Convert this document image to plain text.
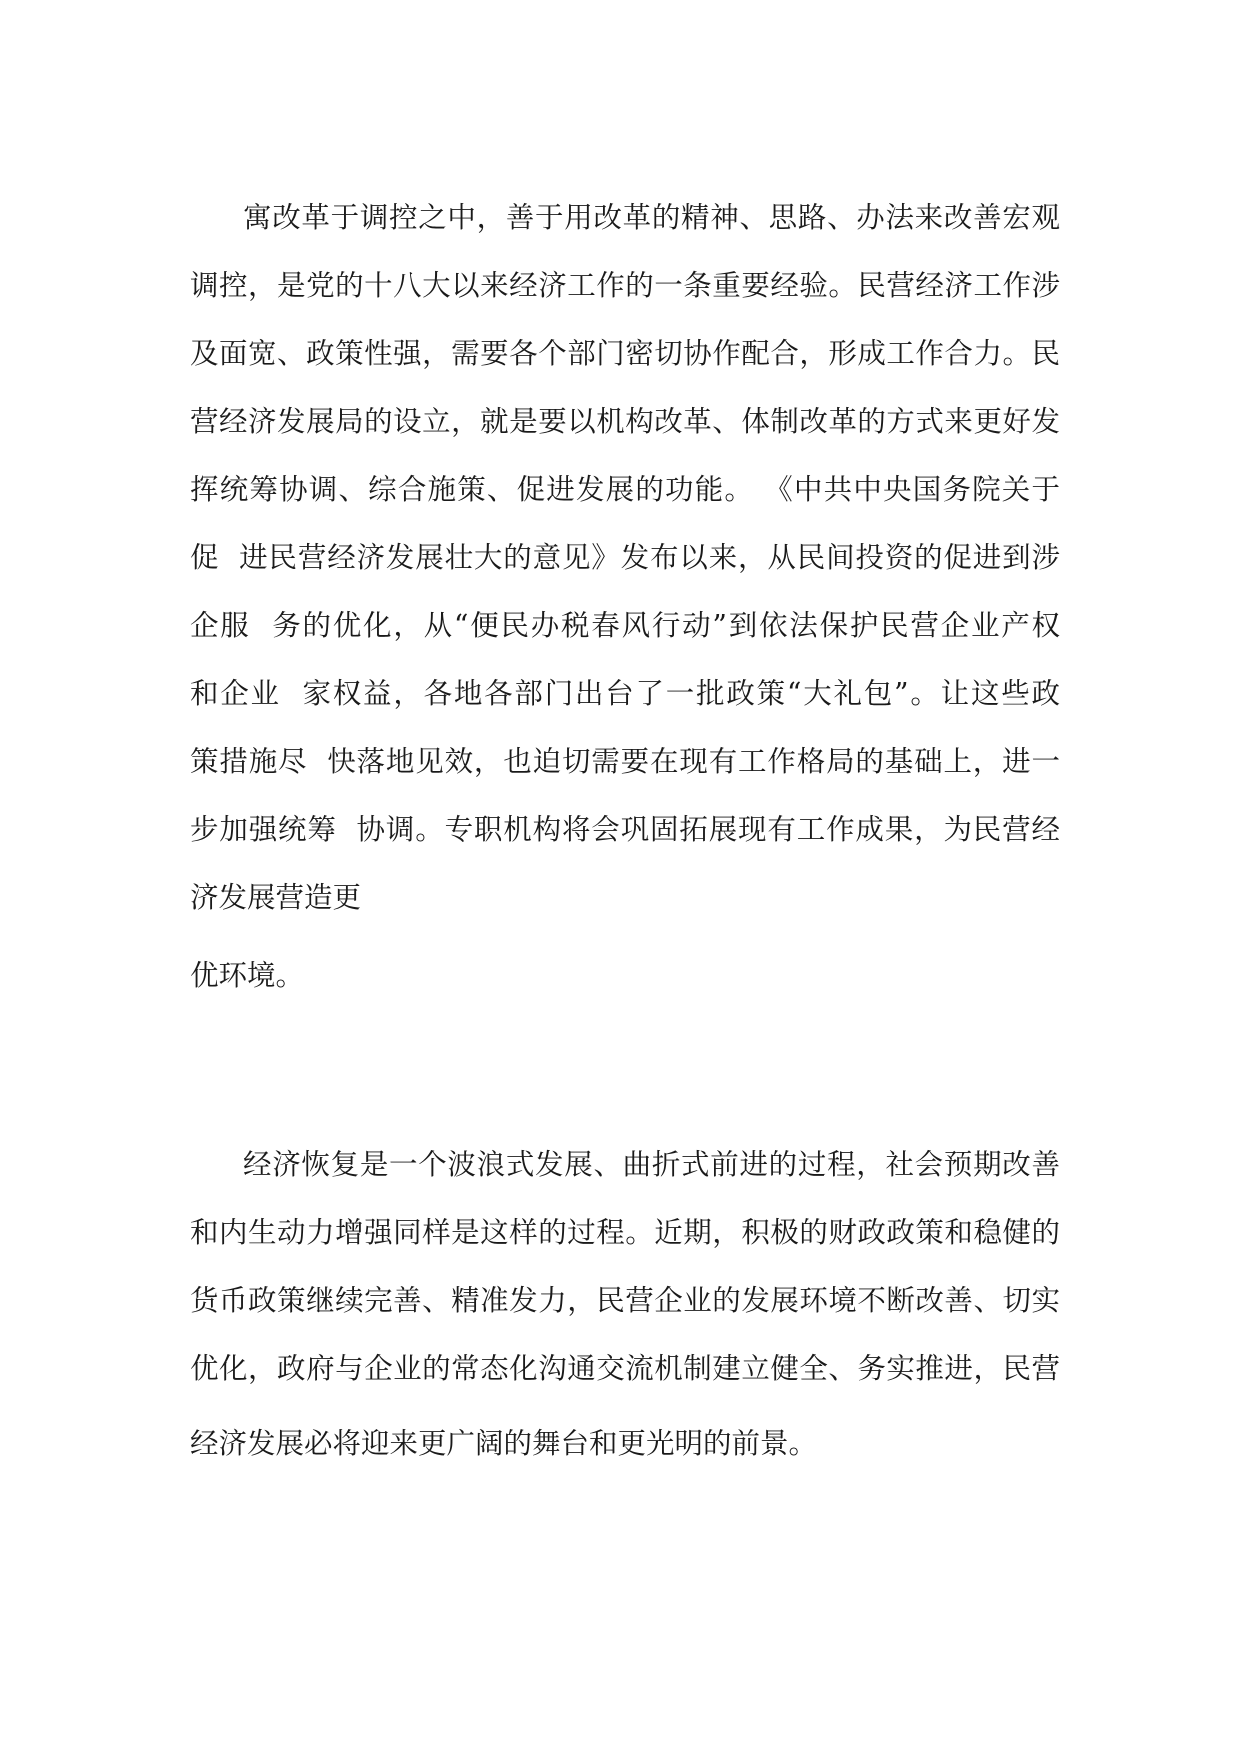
寓改革于调控之中，善于用改革的精神、思路、办法来改善宏观
调控，是党的十八大以来经济工作的一条重要经验。民营经济工作涉
及面宽、政策性强，需要各个部门密切协作配合，形成工作合力。民
营经济发展局的设立，就是要以机构改革、体制改革的方式来更好发
挥统筹协调、综合施策、促进发展的功能。 《中共中央国务院关于
促  进民营经济发展壮大的意见》发布以来，从民间投资的促进到涉
企服  务的优化，从“便民办税春风行动”到依法保护民营企业产权
和企业  家权益，各地各部门出台了一批政策“大礼包”。让这些政
策措施尽  快落地见效，也迫切需要在现有工作格局的基础上，进一
步加强统筹  协调。专职机构将会巩固拓展现有工作成果，为民营经
济发展营造更
优环境。
经济恢复是一个波浪式发展、曲折式前进的过程，社会预期改善
和内生动力增强同样是这样的过程。近期，积极的财政政策和稳健的
货币政策继续完善、精准发力，民营企业的发展环境不断改善、切实
优化，政府与企业的常态化沟通交流机制建立健全、务实推进，民营
经济发展必将迎来更广阔的舞台和更光明的前景。
